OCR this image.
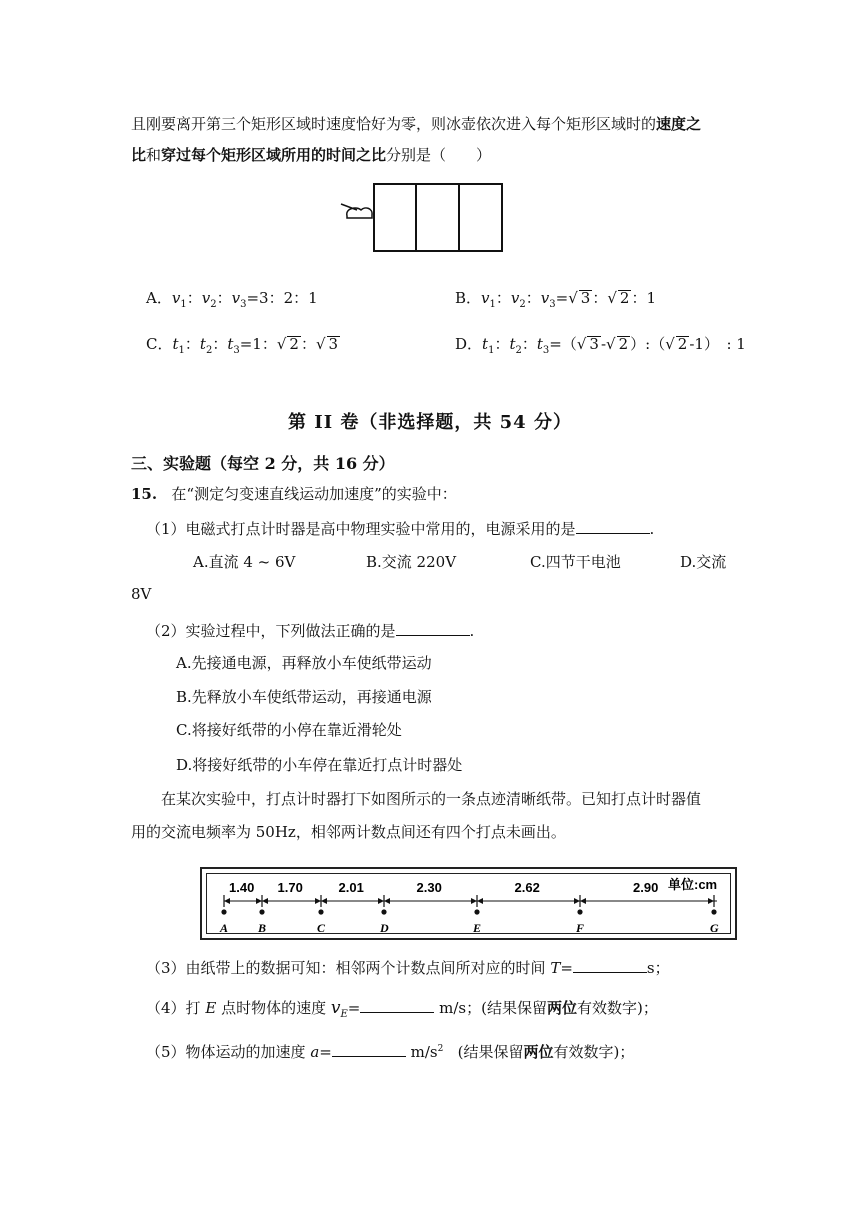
且刚要离开第三个矩形区域时速度恰好为零，则冰壶依次进入每个矩形区域时的速度之
比和穿过每个矩形区域所用的时间之比分别是（　　）
A．$v_1$：$v_2$：$v_3=3$：2：1	B．$v_1$：$v_2$：$v_3=√$ 3 ：√ 2 ：1
C．$t_1$：$t_2$：$t_3=1$：√ 2 ：√ 3	D．$t_1$：$t_2$：$t_3=(√$ 3 -√ 2 ）:（√ 2 -1）　: 1
第 II 卷（非选择题，共 54 分）
三、实验题（每空 2 分，共 16 分）
15. 在“测定匀变速直线运动加速度”的实验中：
（1）电磁式打点计时器是高中物理实验中常用的，电源采用的是	.
A.直流 4 ~ 6V	B.交流 220V	C.四节干电池	D.交流
8V
（2）实验过程中，下列做法正确的是	.
A.先接通电源，再释放小车使纸带运动
B.先释放小车使纸带运动，再接通电源
C.将接好纸带的小停在靠近滑轮处
D.将接好纸带的小车停在靠近打点计时器处
在某次实验中，打点计时器打下如图所示的一条点迹清晰纸带。已知打点计时器值
用的交流电频率为 50Hz，相邻两计数点间还有四个打点未画出。
1.40 1.70	2.01	2.30	2.62	2.90
A B	C	D	E	F	G
单位:cm
（3）由纸带上的数据可知：相邻两个计数点间所对应的时间 T=	s；
（4）打 E 点时物体的速度 $v_E=$	m/s；(结果保留两位有效数字)；
（5）物体运动的加速度 a=	$m/s^2$ (结果保留两位有效数字)；
